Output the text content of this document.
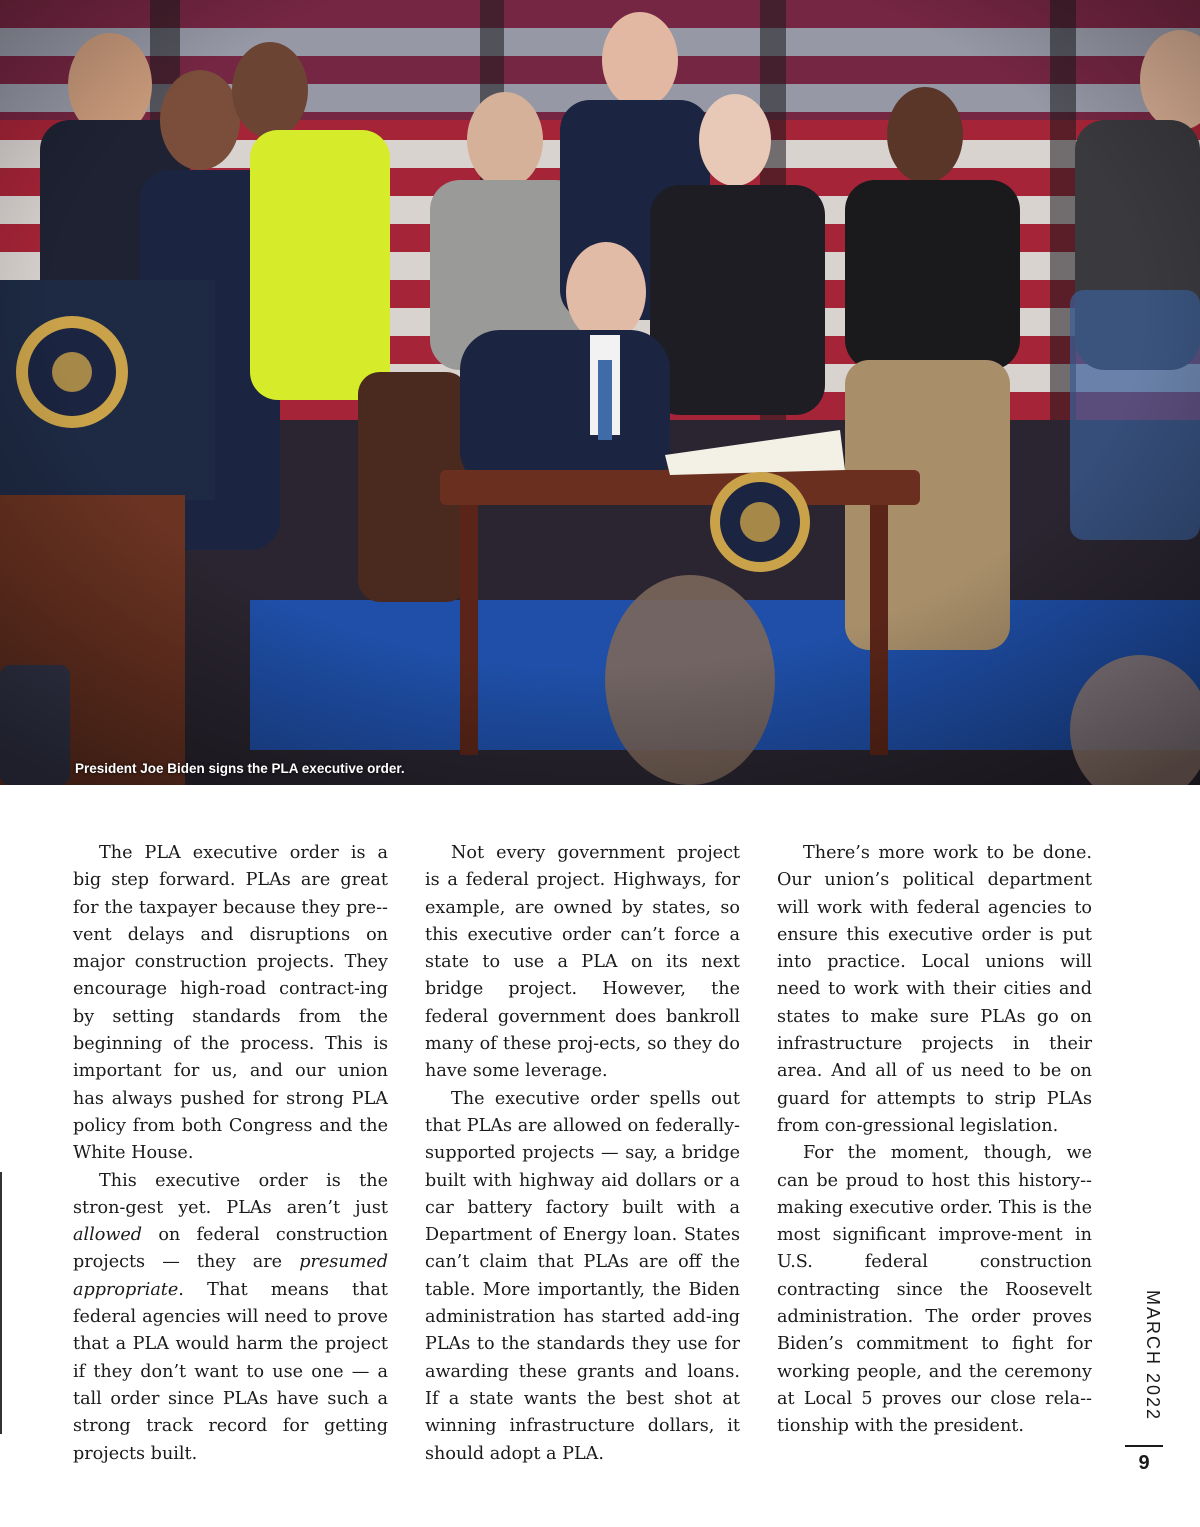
President Joe Biden signs the PLA executive order.

The PLA executive order is a big step forward. PLAs are great for the taxpayer because they pre-vent delays and disruptions on major construction projects. They encourage high-road contract-ing by setting standards from the beginning of the process. This is important for us, and our union has always pushed for strong PLA policy from both Congress and the White House.

This executive order is the stron-gest yet. PLAs aren’t just allowed on federal construction projects — they are presumed appropriate. That means that federal agencies will need to prove that a PLA would harm the project if they don’t want to use one — a tall order since PLAs have such a strong track record for getting projects built.

Not every government project is a federal project. Highways, for example, are owned by states, so this executive order can’t force a state to use a PLA on its next bridge project. However, the federal government does bankroll many of these proj-ects, so they do have some leverage.

The executive order spells out that PLAs are allowed on federally-supported projects — say, a bridge built with highway aid dollars or a car battery factory built with a Department of Energy loan. States can’t claim that PLAs are off the table. More importantly, the Biden administration has started add-ing PLAs to the standards they use for awarding these grants and loans. If a state wants the best shot at winning infrastructure dollars, it should adopt a PLA.

There’s more work to be done. Our union’s political department will work with federal agencies to ensure this executive order is put into practice. Local unions will need to work with their cities and states to make sure PLAs go on infrastructure projects in their area. And all of us need to be on guard for attempts to strip PLAs from con-gressional legislation.

For the moment, though, we can be proud to host this history-making executive order. This is the most significant improve-ment in U.S. federal construction contracting since the Roosevelt administration. The order proves Biden’s commitment to fight for working people, and the ceremony at Local 5 proves our close rela-tionship with the president.

MARCH 2022
9
